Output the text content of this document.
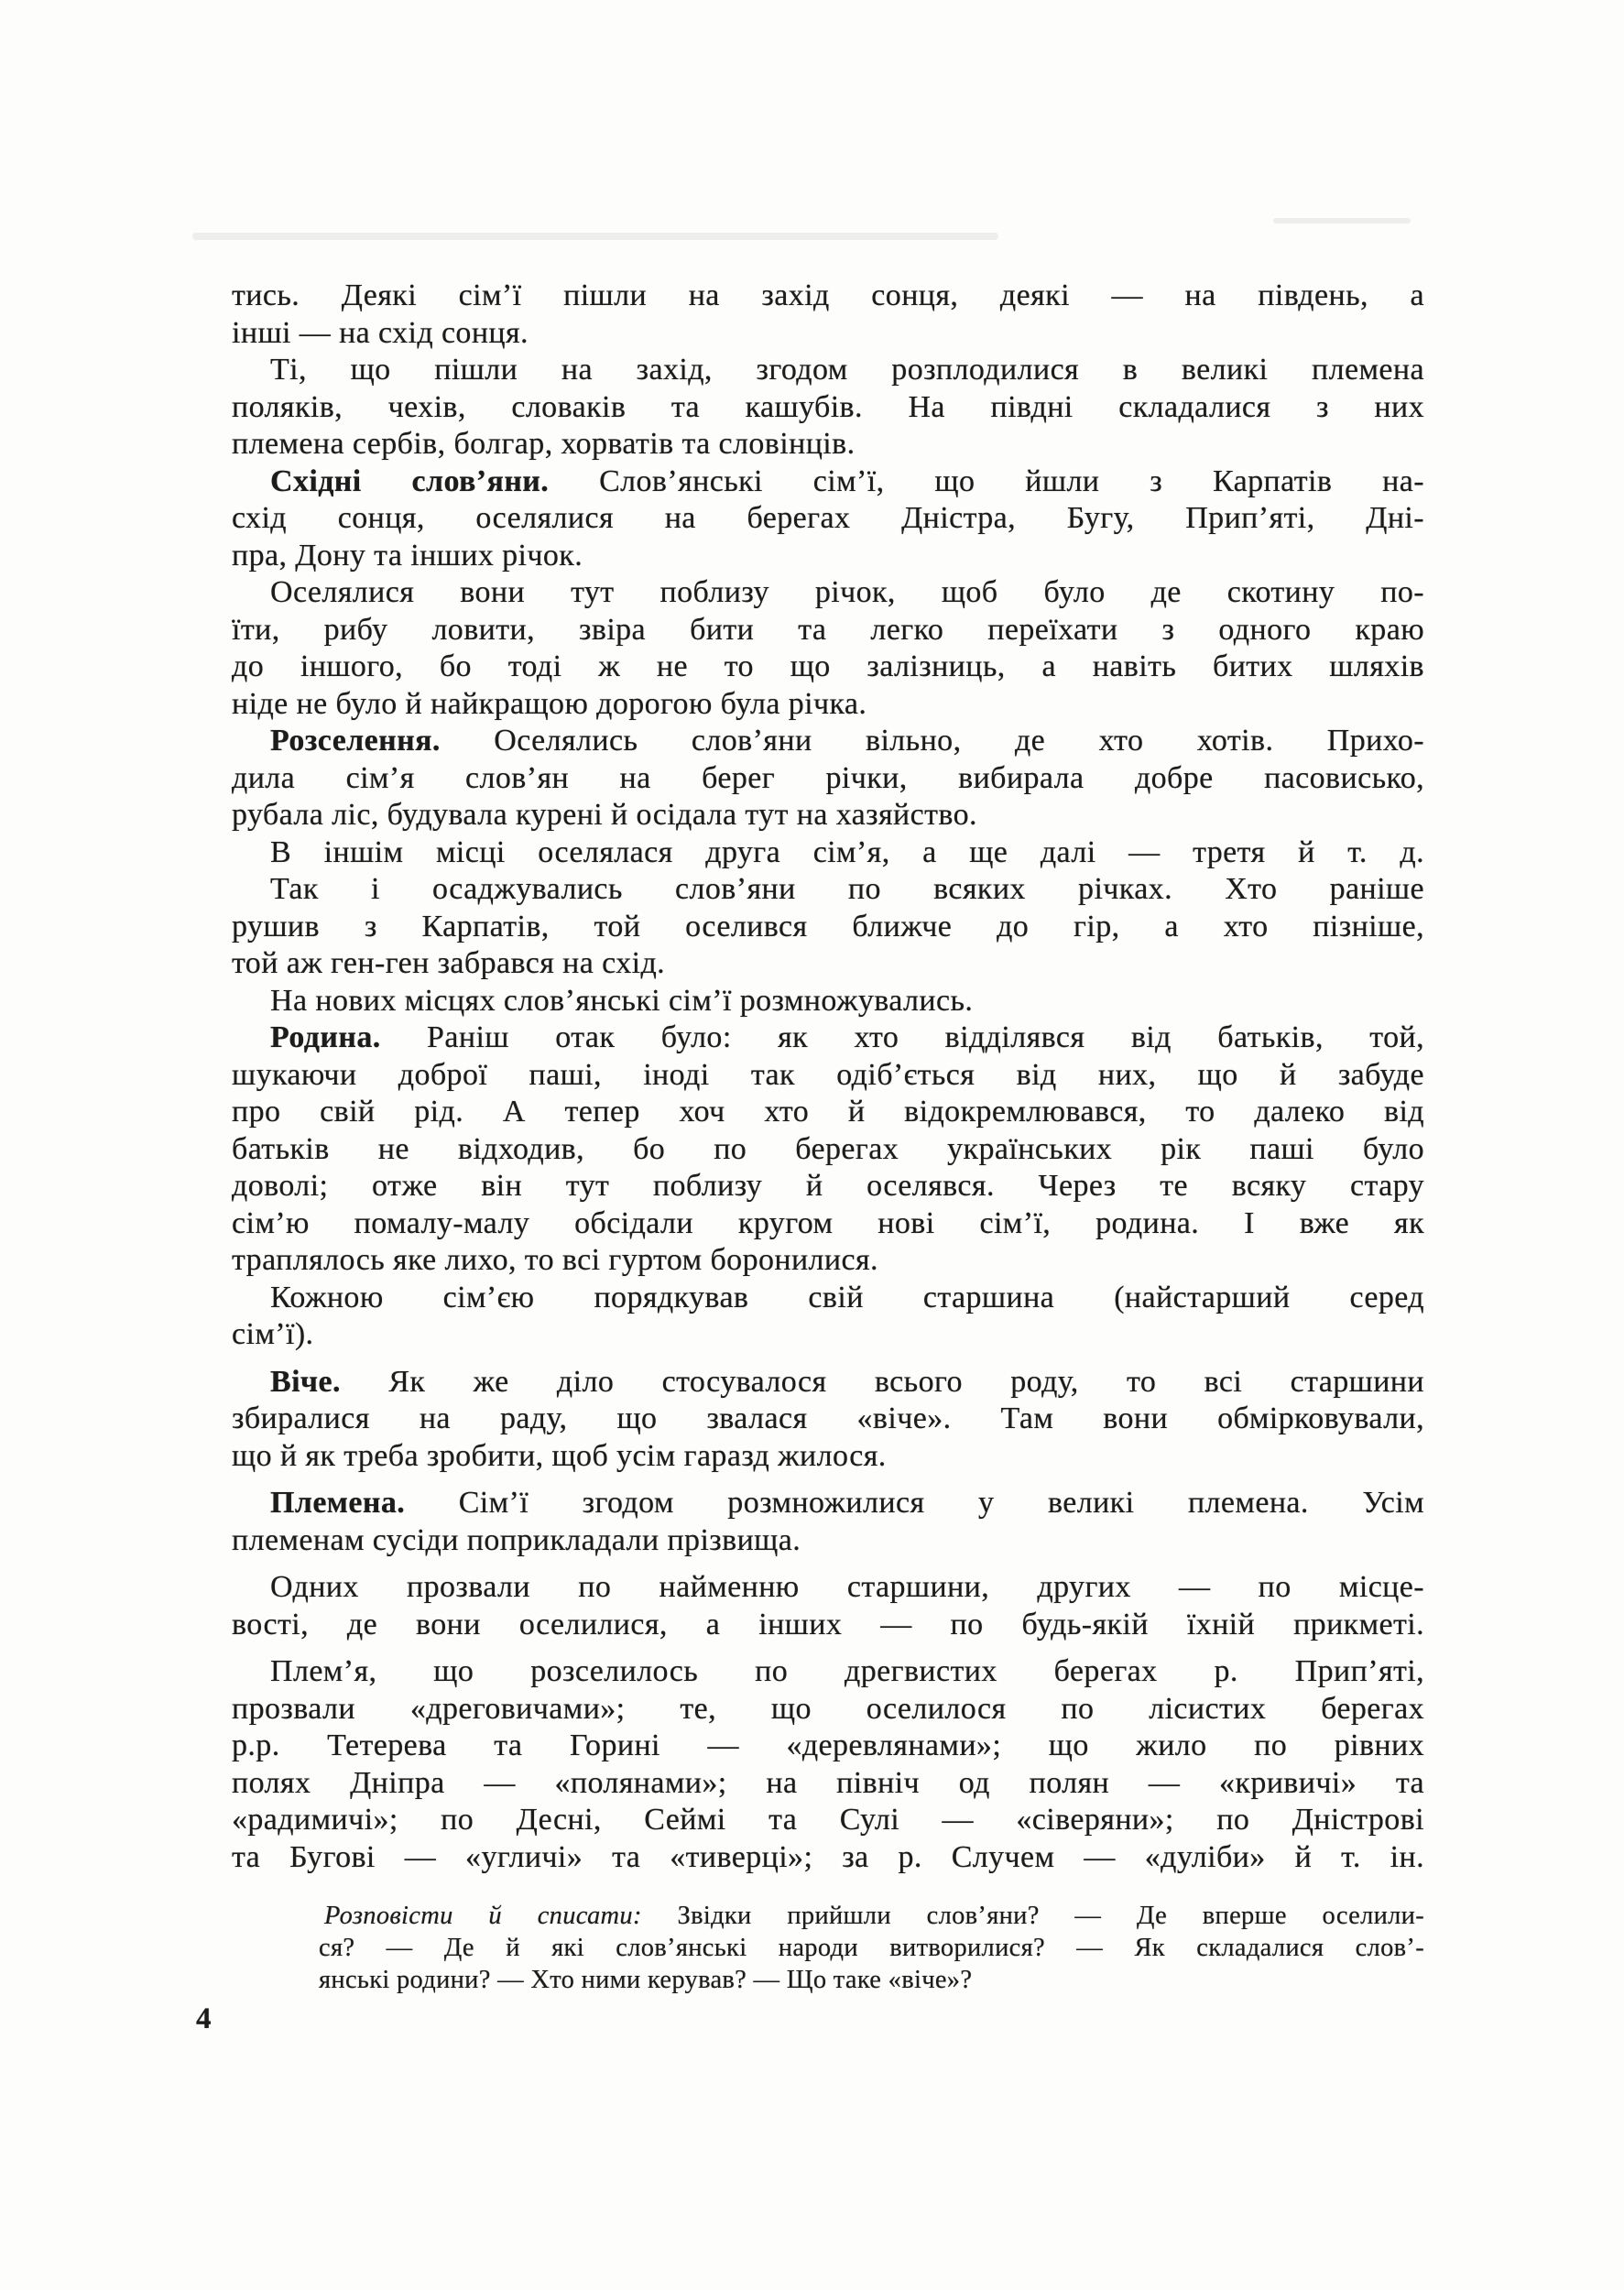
тись. Деякі сім’ї пішли на захід сонця, деякі — на південь, а
інші — на схід сонця.
Ті, що пішли на захід, згодом розплодилися в великі племена
поляків, чехів, словаків та кашубів. На півдні складалися з них
племена сербів, болгар, хорватів та словінців.
Східні слов’яни. Слов’янські сім’ї, що йшли з Карпатів на-
схід сонця, оселялися на берегах Дністра, Бугу, Прип’яті, Дні-
пра, Дону та інших річок.
Оселялися вони тут поблизу річок, щоб було де скотину по-
їти, рибу ловити, звіра бити та легко переїхати з одного краю
до іншого, бо тоді ж не то що залізниць, а навіть битих шляхів
ніде не було й найкращою дорогою була річка.
Розселення. Оселялись слов’яни вільно, де хто хотів. Прихо-
дила сім’я слов’ян на берег річки, вибирала добре пасовисько,
рубала ліс, будувала курені й осідала тут на хазяйство.
В іншім місці оселялася друга сім’я, а ще далі — третя й т. д.
Так і осаджувались слов’яни по всяких річках. Хто раніше
рушив з Карпатів, той оселився ближче до гір, а хто пізніше,
той аж ген-ген забрався на схід.
На нових місцях слов’янські сім’ї розмножувались.
Родина. Раніш отак було: як хто відділявся від батьків, той,
шукаючи доброї паші, іноді так одіб’ється від них, що й забуде
про свій рід. А тепер хоч хто й відокремлювався, то далеко від
батьків не відходив, бо по берегах українських рік паші було
доволі; отже він тут поблизу й оселявся. Через те всяку стару
сім’ю помалу-малу обсідали кругом нові сім’ї, родина. І вже як
траплялось яке лихо, то всі гуртом боронилися.
Кожною сім’єю порядкував свій старшина (найстарший серед
сім’ї).
Віче. Як же діло стосувалося всього роду, то всі старшини
збиралися на раду, що звалася «віче». Там вони обмірковували,
що й як треба зробити, щоб усім гаразд жилося.
Племена. Сім’ї згодом розмножилися у великі племена. Усім
племенам сусіди поприкладали прізвища.
Одних прозвали по найменню старшини, других — по місце-
вості, де вони оселилися, а інших — по будь-якій їхній прикметі.
Плем’я, що розселилось по дрегвистих берегах р. Прип’яті,
прозвали «дреговичами»; те, що оселилося по лісистих берегах
р.р. Тетерева та Горині — «деревлянами»; що жило по рівних
полях Дніпра — «полянами»; на північ од полян — «кривичі» та
«радимичі»; по Десні, Сеймі та Сулі — «сіверяни»; по Дністрові
та Бугові — «угличі» та «тиверці»; за р. Случем — «дуліби» й т. ін.
Розповісти й списати: Звідки прийшли слов’яни? — Де вперше оселили-
ся? — Де й які слов’янські народи витворилися? — Як складалися слов’-
янські родини? — Хто ними керував? — Що таке «віче»?
4
